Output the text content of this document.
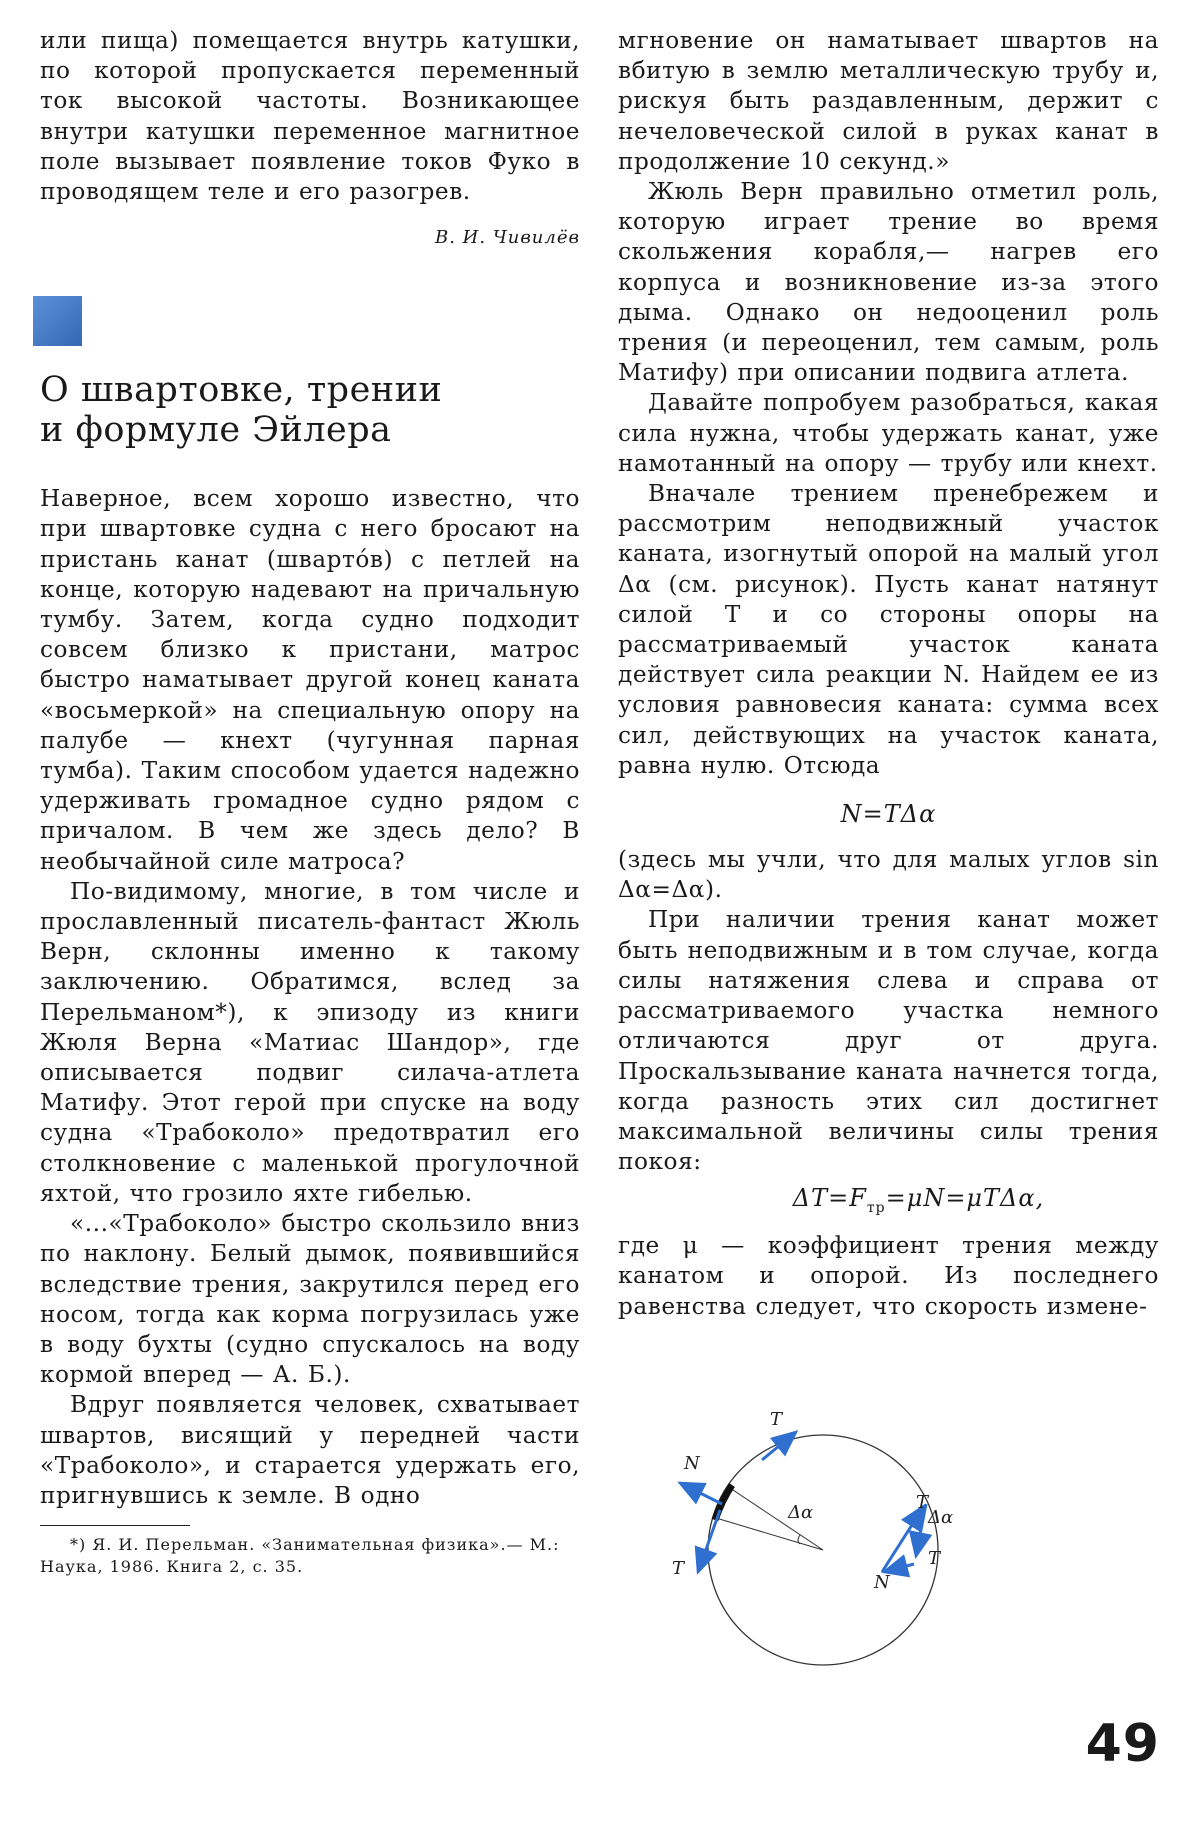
или пища) помещается внутрь катушки, по которой пропускается переменный ток высокой частоты. Возникающее внутри катушки переменное магнитное поле вызывает появление токов Фуко в проводящем теле и его разогрев.

В. И. Чивилёв
О швартовке, трении
и формуле Эйлера

Наверное, всем хорошо известно, что при швартовке судна с него бросают на пристань канат (швартóв) с петлей на конце, которую надевают на причальную тумбу. Затем, когда судно подходит совсем близко к пристани, матрос быстро наматывает другой конец каната «восьмеркой» на специальную опору на палубе — кнехт (чугунная парная тумба). Таким способом удается надежно удерживать громадное судно рядом с причалом. В чем же здесь дело? В необычайной силе матроса?

По-видимому, многие, в том числе и прославленный писатель-фантаст Жюль Верн, склонны именно к такому заключению. Обратимся, вслед за Перельманом*), к эпизоду из книги Жюля Верна «Матиас Шандор», где описывается подвиг силача-атлета Матифу. Этот герой при спуске на воду судна «Трабоколо» предотвратил его столкновение с маленькой прогулочной яхтой, что грозило яхте гибелью.

«...«Трабоколо» быстро скользило вниз по наклону. Белый дымок, появившийся вследствие трения, закрутился перед его носом, тогда как корма погрузилась уже в воду бухты (судно спускалось на воду кормой вперед — А. Б.).

Вдруг появляется человек, схватывает швартов, висящий у передней части «Трабоколо», и старается удержать его, пригнувшись к земле. В одно

*) Я. И. Перельман. «Занимательная физика».— М.: Наука, 1986. Книга 2, с. 35.

мгновение он наматывает швартов на вбитую в землю металлическую трубу и, рискуя быть раздавленным, держит с нечеловеческой силой в руках канат в продолжение 10 секунд.»

Жюль Верн правильно отметил роль, которую играет трение во время скольжения корабля,— нагрев его корпуса и возникновение из-за этого дыма. Однако он недооценил роль трения (и переоценил, тем самым, роль Матифу) при описании подвига атлета.

Давайте попробуем разобраться, какая сила нужна, чтобы удержать канат, уже намотанный на опору — трубу или кнехт.

Вначале трением пренебрежем и рассмотрим неподвижный участок каната, изогнутый опорой на малый угол Δα (см. рисунок). Пусть канат натянут силой T и со стороны опоры на рассматриваемый участок каната действует сила реакции N. Найдем ее из условия равновесия каната: сумма всех сил, действующих на участок каната, равна нулю. Отсюда

N=TΔα

(здесь мы учли, что для малых углов sin Δα=Δα).

При наличии трения канат может быть неподвижным и в том случае, когда силы натяжения слева и справа от рассматриваемого участка немного отличаются друг от друга. Проскальзывание каната начнется тогда, когда разность этих сил достигнет максимальной величины силы трения покоя:

$\Delta T=F_{тр}=\mu N=\mu T\Delta\alpha$,

где μ — коэффициент трения между канатом и опорой. Из последнего равенства следует, что скорость измене-

T
N
Δα
T
T
Δα
T
N
49
